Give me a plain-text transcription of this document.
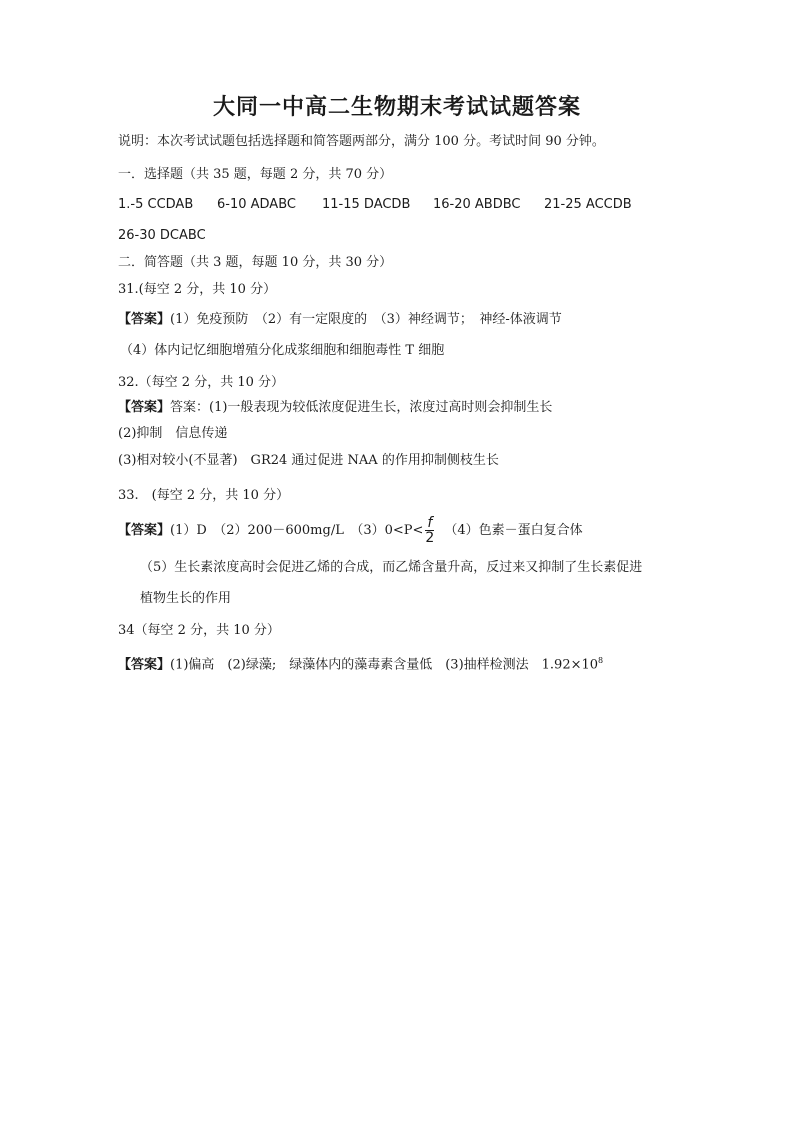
大同一中高二生物期末考试试题答案
说明：本次考试试题包括选择题和简答题两部分，满分 100 分。考试时间 90 分钟。
一．选择题（共 35 题，每题 2 分，共 70 分）
1.-5 CCDAB 6-10 ADABC 11-15 DACDB 16-20 ABDBC 21-25 ACCDB
26-30 DCABC
二．简答题（共 3 题，每题 10 分，共 30 分）
31.(每空 2 分，共 10 分）
【答案】(1）免疫预防　（2）有一定限度的　（3）神经调节；　神经-体液调节
（4）体内记忆细胞增殖分化成浆细胞和细胞毒性 T 细胞
32.（每空 2 分，共 10 分）
【答案】答案：(1)一般表现为较低浓度促进生长，浓度过高时则会抑制生长
(2)抑制　信息传递
(3)相对较小(不显著)　GR24 通过促进 NAA 的作用抑制侧枝生长
33.　(每空 2 分，共 10 分）
【答案】(1）D　（2）200－600mg/L　$(3)0<P< \frac{f}{2} (4)$色素－蛋白复合体
（5）生长素浓度高时会促进乙烯的合成，而乙烯含量升高，反过来又抑制了生长素促进
植物生长的作用
34（每空 2 分，共 10 分）
【答案】(1)偏高　(2)绿藻;　绿藻体内的藻毒素含量低　(3)抽样检测法　$1.92\times 10^8$
